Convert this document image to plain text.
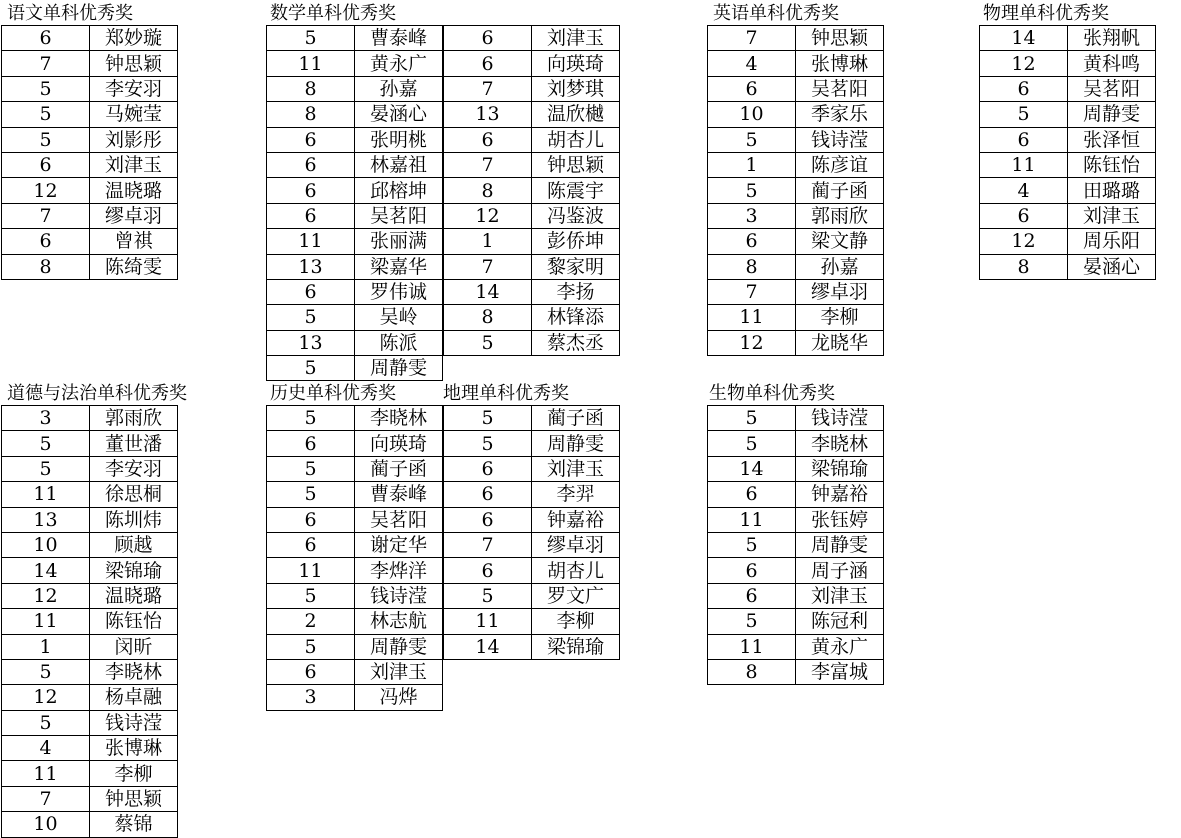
语文单科优秀奖
6	郑妙璇
7	钟思颖
5	李安羽
5	马婉莹
5	刘影彤
6	刘津玉
12	温晓璐
7	缪卓羽
6	曾祺
8	陈绮雯
数学单科优秀奖
5	曹泰峰
11	黄永广
8	孙嘉
8	晏涵心
6	张明桃
6	林嘉祖
6	邱榕坤
6	吴茗阳
11	张丽满
13	梁嘉华
6	罗伟诚
5	吴岭
13	陈派
5	周静雯
6	刘津玉
6	向瑛琦
7	刘梦琪
13	温欣樾
6	胡杏儿
7	钟思颖
8	陈震宇
12	冯鉴波
1	彭侨坤
7	黎家明
14	李扬
8	林锋添
5	蔡杰丞
英语单科优秀奖
7	钟思颖
4	张博琳
6	吴茗阳
10	季家乐
5	钱诗滢
1	陈彦谊
5	蔺子函
3	郭雨欣
6	梁文静
8	孙嘉
7	缪卓羽
11	李柳
12	龙晓华
物理单科优秀奖
14	张翔帆
12	黄科鸣
6	吴茗阳
5	周静雯
6	张泽恒
11	陈钰怡
4	田璐璐
6	刘津玉
12	周乐阳
8	晏涵心
道德与法治单科优秀奖
3	郭雨欣
5	董世潘
5	李安羽
11	徐思桐
13	陈圳炜
10	顾越
14	梁锦瑜
12	温晓璐
11	陈钰怡
1	闵昕
5	李晓林
12	杨卓融
5	钱诗滢
4	张博琳
11	李柳
7	钟思颖
10	蔡锦
历史单科优秀奖
5	李晓林
6	向瑛琦
5	蔺子函
5	曹泰峰
6	吴茗阳
6	谢定华
11	李烨洋
5	钱诗滢
2	林志航
5	周静雯
6	刘津玉
3	冯烨
地理单科优秀奖
5	蔺子函
5	周静雯
6	刘津玉
6	李羿
6	钟嘉裕
7	缪卓羽
6	胡杏儿
5	罗文广
11	李柳
14	梁锦瑜
生物单科优秀奖
5	钱诗滢
5	李晓林
14	梁锦瑜
6	钟嘉裕
11	张钰婷
5	周静雯
6	周子涵
6	刘津玉
5	陈冠利
11	黄永广
8	李富城
